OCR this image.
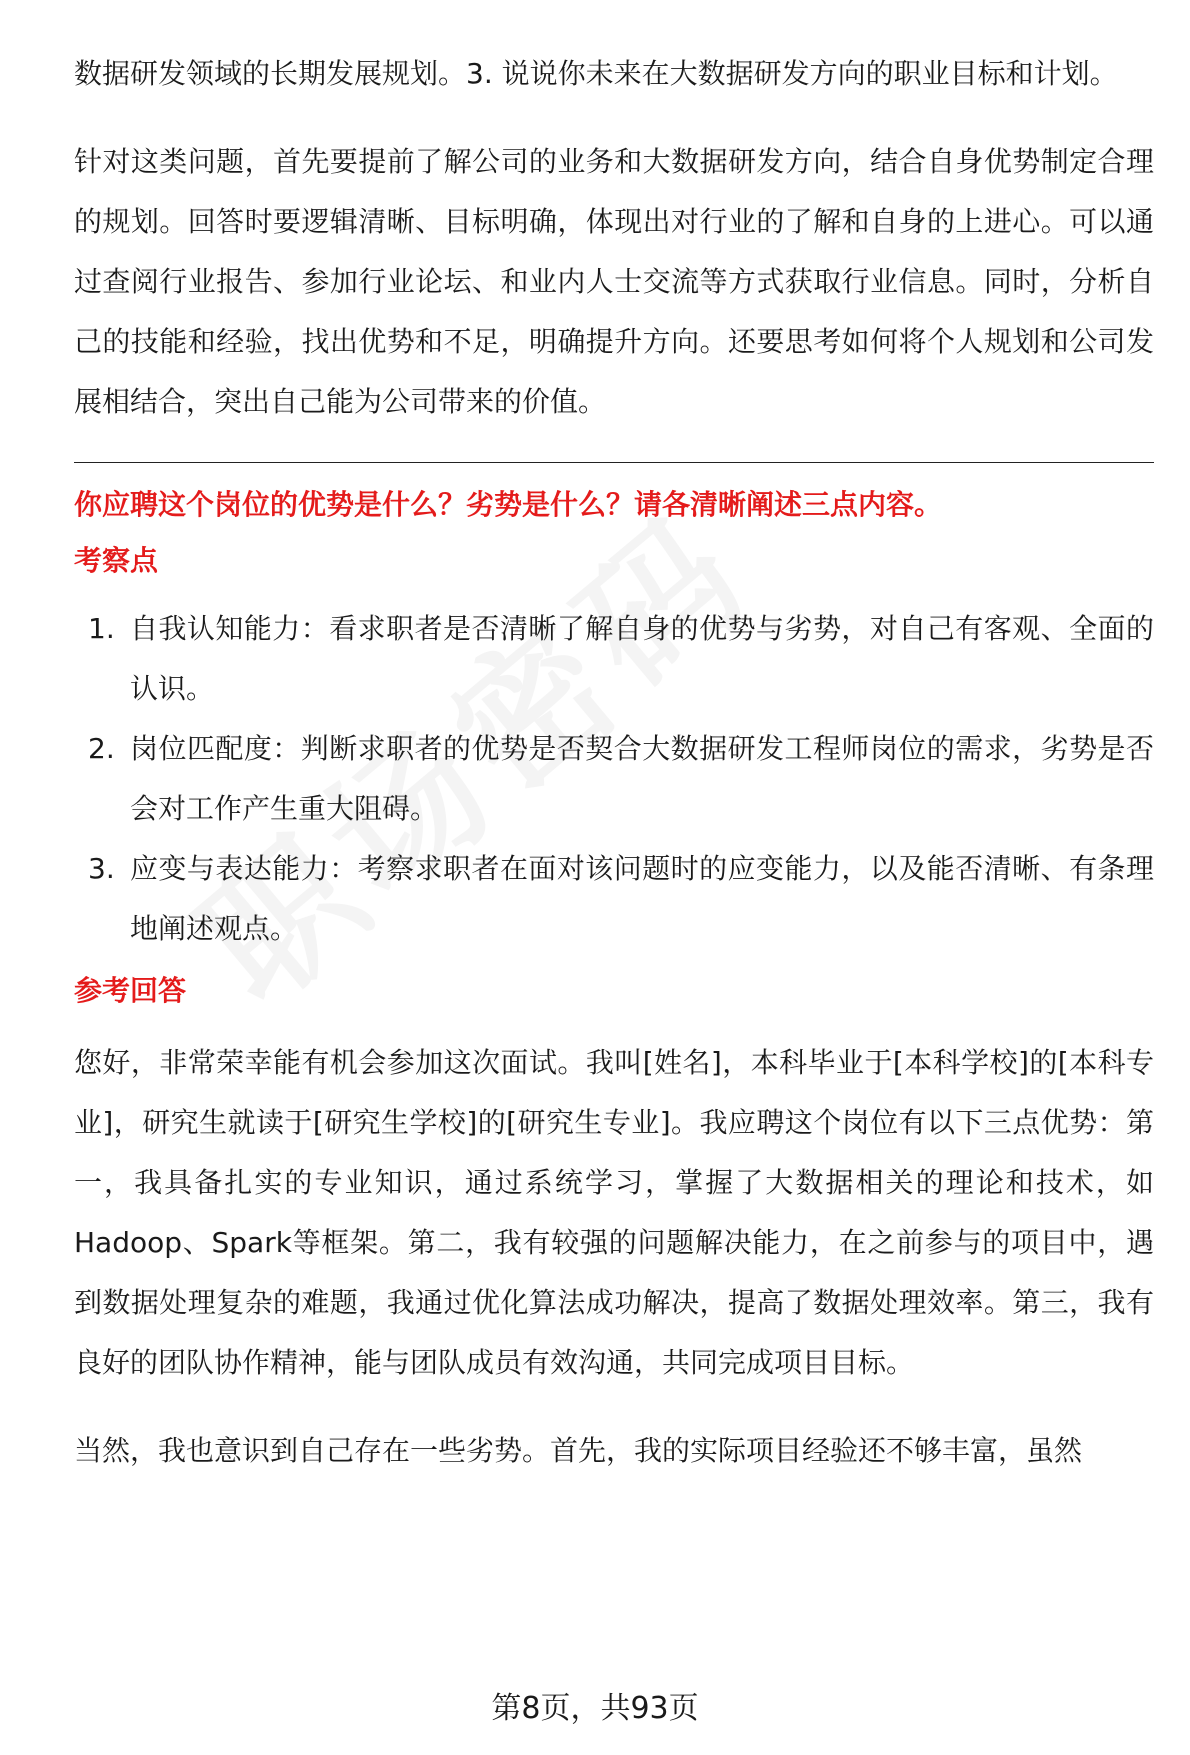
数据研发领域的长期发展规划。3. 说说你未来在大数据研发方向的职业目标和计划。

针对这类问题，首先要提前了解公司的业务和大数据研发方向，结合自身优势制定合理的规划。回答时要逻辑清晰、目标明确，体现出对行业的了解和自身的上进心。可以通过查阅行业报告、参加行业论坛、和业内人士交流等方式获取行业信息。同时，分析自己的技能和经验，找出优势和不足，明确提升方向。还要思考如何将个人规划和公司发展相结合，突出自己能为公司带来的价值。

你应聘这个岗位的优势是什么？劣势是什么？请各清晰阐述三点内容。
考察点
1. 自我认知能力：看求职者是否清晰了解自身的优势与劣势，对自己有客观、全面的认识。
2. 岗位匹配度：判断求职者的优势是否契合大数据研发工程师岗位的需求，劣势是否会对工作产生重大阻碍。
3. 应变与表达能力：考察求职者在面对该问题时的应变能力，以及能否清晰、有条理地阐述观点。
参考回答

您好，非常荣幸能有机会参加这次面试。我叫[姓名]，本科毕业于[本科学校]的[本科专业]，研究生就读于[研究生学校]的[研究生专业]。我应聘这个岗位有以下三点优势：第一，我具备扎实的专业知识，通过系统学习，掌握了大数据相关的理论和技术，如Hadoop、Spark等框架。第二，我有较强的问题解决能力，在之前参与的项目中，遇到数据处理复杂的难题，我通过优化算法成功解决，提高了数据处理效率。第三，我有良好的团队协作精神，能与团队成员有效沟通，共同完成项目目标。

当然，我也意识到自己存在一些劣势。首先，我的实际项目经验还不够丰富，虽然

第8页，共93页
